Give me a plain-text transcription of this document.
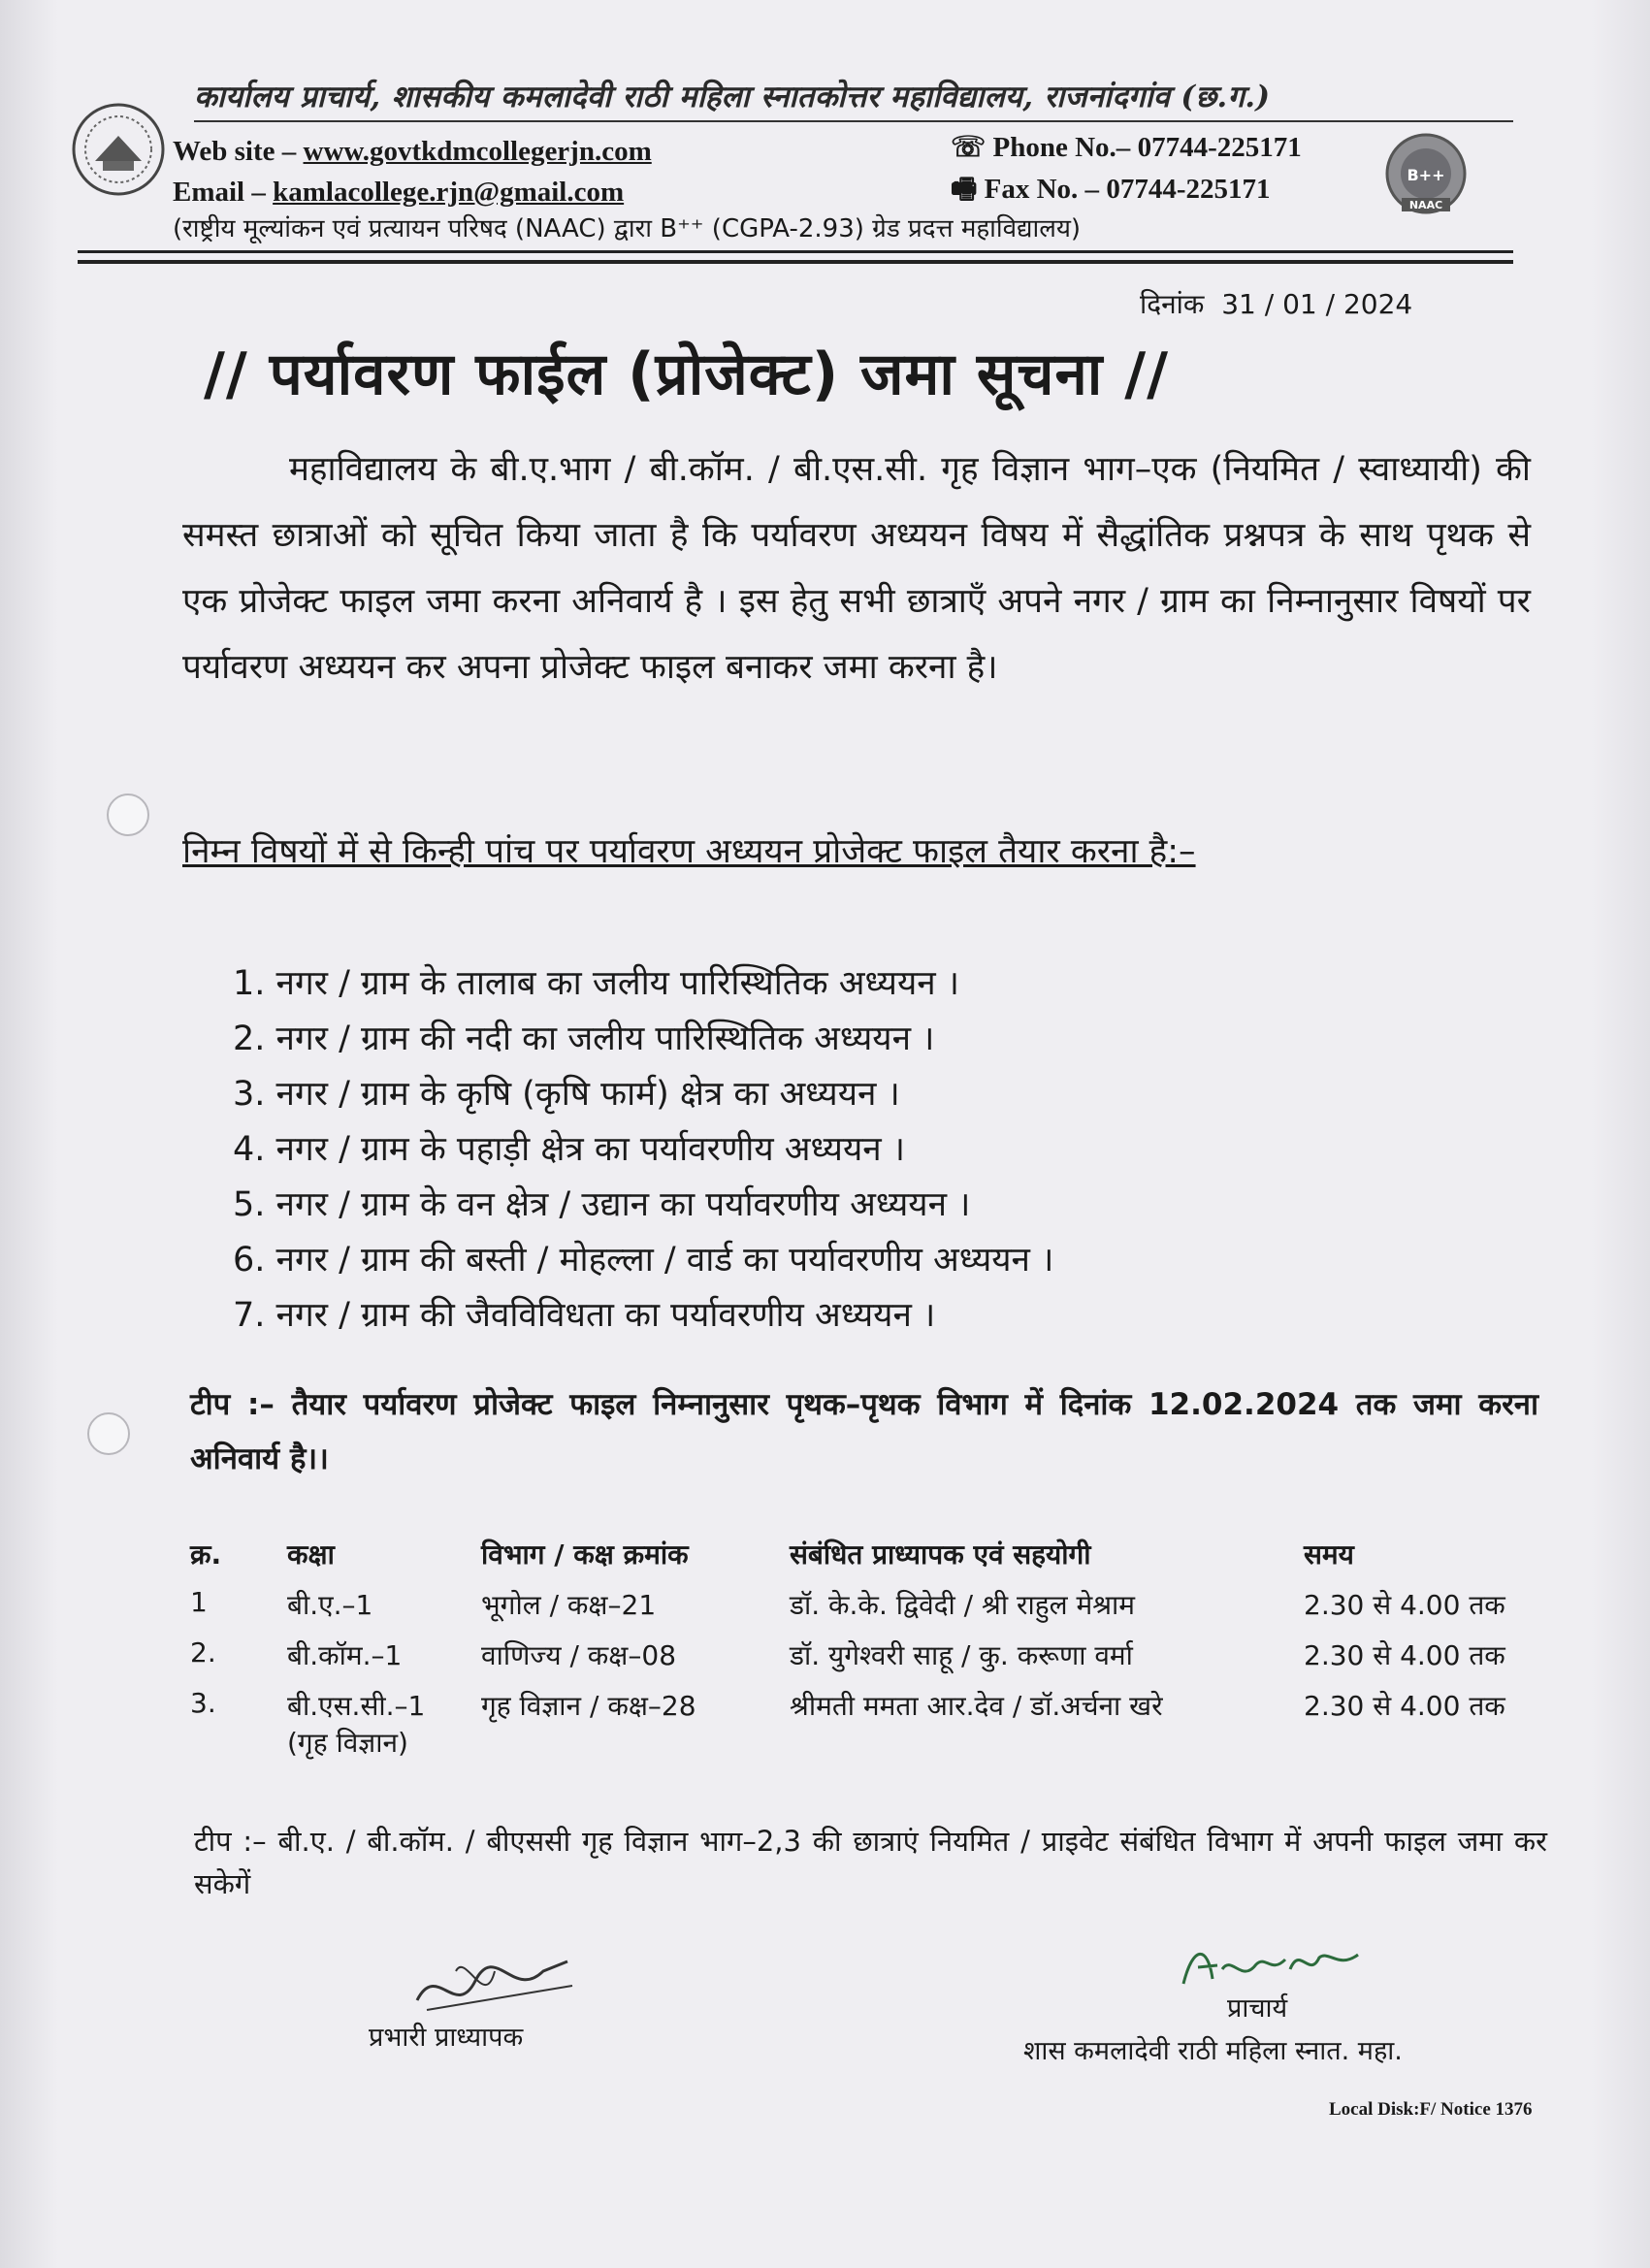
कार्यालय प्राचार्य, शासकीय कमलादेवी राठी महिला स्नातकोत्तर महाविद्यालय, राजनांदगांव (छ.ग.)
Web site – www.govtkdmcollegerjn.com
Email – kamlacollege.rjn@gmail.com
☏ Phone No.– 07744-225171
🖷 Fax No. – 07744-225171	B++
NAAC
(राष्ट्रीय मूल्यांकन एवं प्रत्यायन परिषद (NAAC) द्वारा B⁺⁺ (CGPA-2.93) ग्रेड प्रदत्त महाविद्यालय)
दिनांक 31 / 01 / 2024
// पर्यावरण फाईल (प्रोजेक्ट) जमा सूचना //
महाविद्यालय के बी.ए.भाग / बी.कॉम. / बी.एस.सी. गृह विज्ञान भाग–एक (नियमित / स्वाध्यायी) की समस्त छात्राओं को सूचित किया जाता है कि पर्यावरण अध्ययन विषय में सैद्धांतिक प्रश्नपत्र के साथ पृथक से एक प्रोजेक्ट फाइल जमा करना अनिवार्य है । इस हेतु सभी छात्राएँ अपने नगर / ग्राम का निम्नानुसार विषयों पर पर्यावरण अध्ययन कर अपना प्रोजेक्ट फाइल बनाकर जमा करना है।
निम्न विषयों में से किन्ही पांच पर पर्यावरण अध्ययन प्रोजेक्ट फाइल तैयार करना है:–
1. नगर / ग्राम के तालाब का जलीय पारिस्थितिक अध्ययन ।
2. नगर / ग्राम की नदी का जलीय पारिस्थितिक अध्ययन ।
3. नगर / ग्राम के कृषि (कृषि फार्म) क्षेत्र का अध्ययन ।
4. नगर / ग्राम के पहाड़ी क्षेत्र का पर्यावरणीय अध्ययन ।
5. नगर / ग्राम के वन क्षेत्र / उद्यान का पर्यावरणीय अध्ययन ।
6. नगर / ग्राम की बस्ती / मोहल्ला / वार्ड का पर्यावरणीय अध्ययन ।
7. नगर / ग्राम की जैवविविधता का पर्यावरणीय अध्ययन ।
टीप :– तैयार पर्यावरण प्रोजेक्ट फाइल निम्नानुसार पृथक–पृथक विभाग में दिनांक 12.02.2024 तक जमा करना अनिवार्य है।।
क्र.	कक्षा	विभाग / कक्ष क्रमांक	संबंधित प्राध्यापक एवं सहयोगी	समय
1	बी.ए.–1	भूगोल / कक्ष–21	डॉ. के.के. द्विवेदी / श्री राहुल मेश्राम	2.30 से 4.00 तक
2.	बी.कॉम.–1	वाणिज्य / कक्ष–08	डॉ. युगेश्वरी साहू / कु. करूणा वर्मा	2.30 से 4.00 तक
3.	बी.एस.सी.–1
(गृह विज्ञान)	गृह विज्ञान / कक्ष–28	श्रीमती ममता आर.देव / डॉ.अर्चना खरे	2.30 से 4.00 तक
टीप :– बी.ए. / बी.कॉम. / बीएससी गृह विज्ञान भाग–2,3 की छात्राएं नियमित / प्राइवेट संबंधित विभाग में अपनी फाइल जमा कर सकेगें
प्रभारी प्राध्यापक
प्राचार्य
शास कमलादेवी राठी महिला स्नात. महा.
Local Disk:F/ Notice 1376
